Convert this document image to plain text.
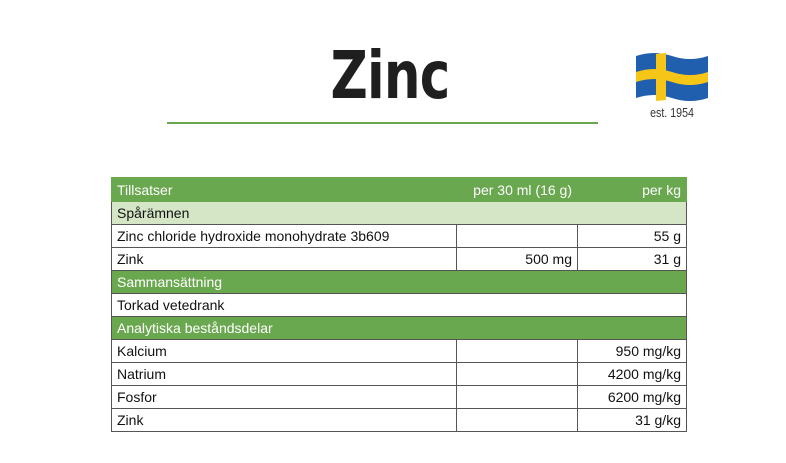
Zinc	est. 1954
Tillsatser	per 30 ml (16 g)	per kg
Spårämnen		
Zinc chloride hydroxide monohydrate 3b609		55 g
Zink	500 mg	31 g
Sammansättning		
Torkad vetedrank		
Analytiska beståndsdelar		
Kalcium		950 mg/kg
Natrium		4200 mg/kg
Fosfor		6200 mg/kg
Zink		31 g/kg
